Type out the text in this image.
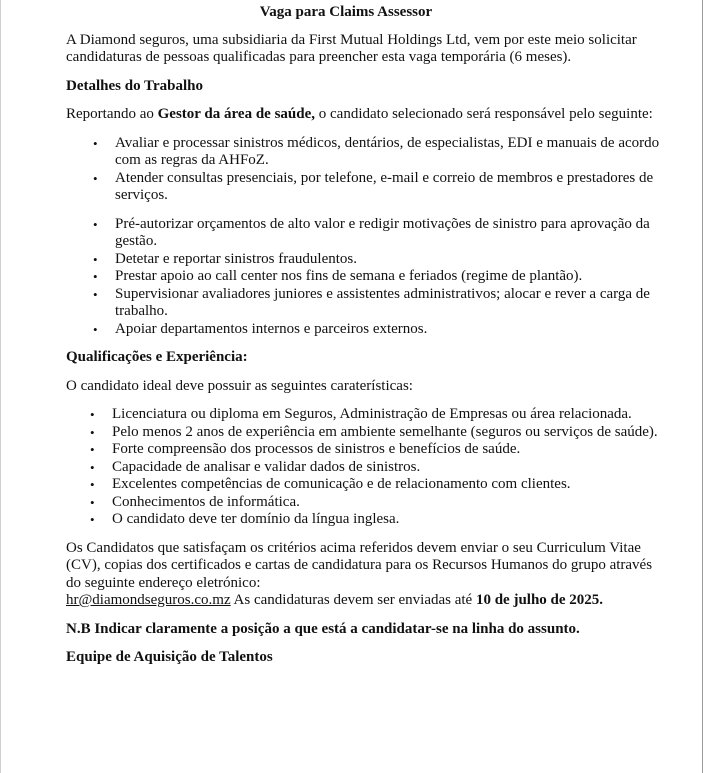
Vaga para Claims Assessor

A Diamond seguros, uma subsidiaria da First Mutual Holdings Ltd, vem por este meio solicitar candidaturas de pessoas qualificadas para preencher esta vaga temporária (6 meses).

Detalhes do Trabalho

Reportando ao Gestor da área de saúde, o candidato selecionado será responsável pelo seguinte:

• Avaliar e processar sinistros médicos, dentários, de especialistas, EDI e manuais de acordo com as regras da AHFoZ.
• Atender consultas presenciais, por telefone, e-mail e correio de membros e prestadores de serviços.
• Pré-autorizar orçamentos de alto valor e redigir motivações de sinistro para aprovação da gestão.
• Detetar e reportar sinistros fraudulentos.
• Prestar apoio ao call center nos fins de semana e feriados (regime de plantão).
• Supervisionar avaliadores juniores e assistentes administrativos; alocar e rever a carga de trabalho.
• Apoiar departamentos internos e parceiros externos.

Qualificações e Experiência:

O candidato ideal deve possuir as seguintes caraterísticas:

• Licenciatura ou diploma em Seguros, Administração de Empresas ou área relacionada.
• Pelo menos 2 anos de experiência em ambiente semelhante (seguros ou serviços de saúde).
• Forte compreensão dos processos de sinistros e benefícios de saúde.
• Capacidade de analisar e validar dados de sinistros.
• Excelentes competências de comunicação e de relacionamento com clientes.
• Conhecimentos de informática.
• O candidato deve ter domínio da língua inglesa.

Os Candidatos que satisfaçam os critérios acima referidos devem enviar o seu Curriculum Vitae (CV), copias dos certificados e cartas de candidatura para os Recursos Humanos do grupo através do seguinte endereço eletrónico:
hr@diamondseguros.co.mz As candidaturas devem ser enviadas até 10 de julho de 2025.

N.B Indicar claramente a posição a que está a candidatar-se na linha do assunto.

Equipe de Aquisição de Talentos
